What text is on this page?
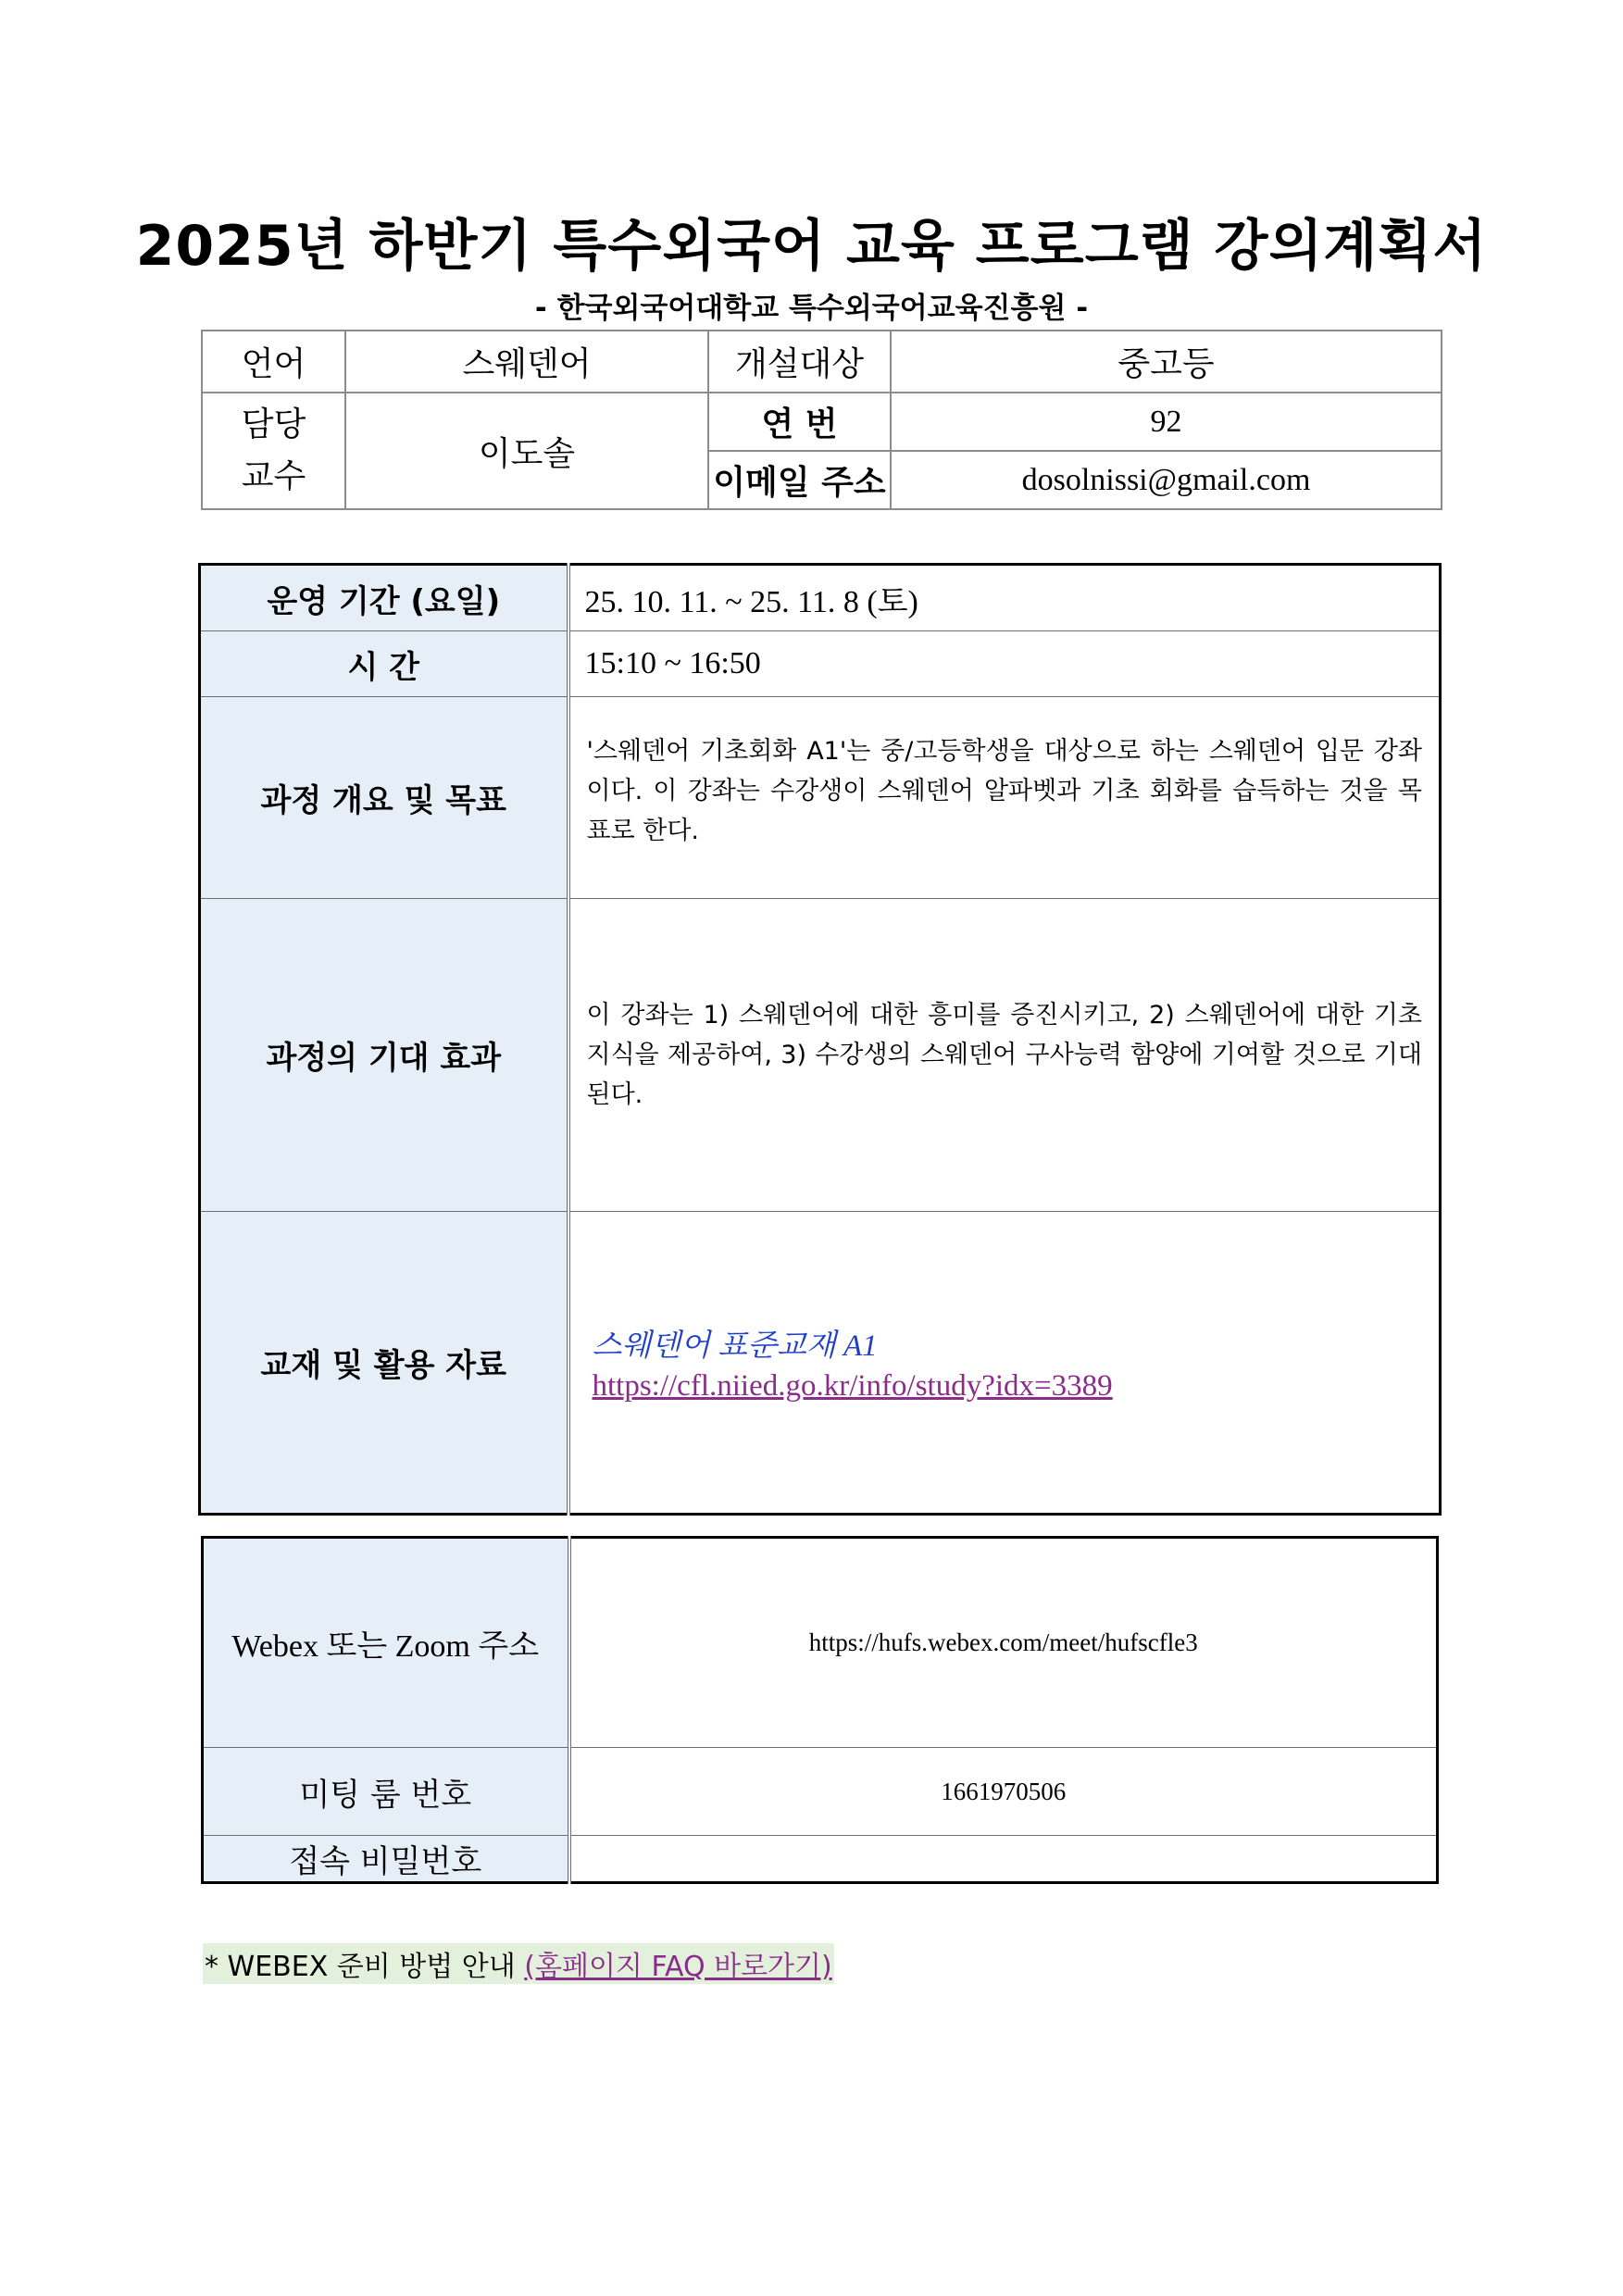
2025년 하반기 특수외국어 교육 프로그램 강의계획서
- 한국외국어대학교 특수외국어교육진흥원 -
언어	스웨덴어	개설대상	중고등
담당
교수	이도솔	연 번	92
		이메일 주소	dosolnissi@gmail.com
운영 기간 (요일)	25. 10. 11. ~ 25. 11. 8 (토)
시 간	15:10 ~ 16:50
과정 개요 및 목표	'스웨덴어 기초회화 A1'는 중/고등학생을 대상으로 하는 스웨덴어 입문 강좌이다. 이 강좌는 수강생이 스웨덴어 알파벳과 기초 회화를 습득하는 것을 목표로 한다.
과정의 기대 효과	이 강좌는 1) 스웨덴어에 대한 흥미를 증진시키고, 2) 스웨덴어에 대한 기초 지식을 제공하여, 3) 수강생의 스웨덴어 구사능력 함양에 기여할 것으로 기대된다.
교재 및 활용 자료	스웨덴어 표준교재 A1
https://cfl.niied.go.kr/info/study?idx=3389
Webex 또는 Zoom 주소	https://hufs.webex.com/meet/hufscfle3
미팅 룸 번호	1661970506
접속 비밀번호	
* WEBEX 준비 방법 안내 (홈페이지 FAQ 바로가기)
